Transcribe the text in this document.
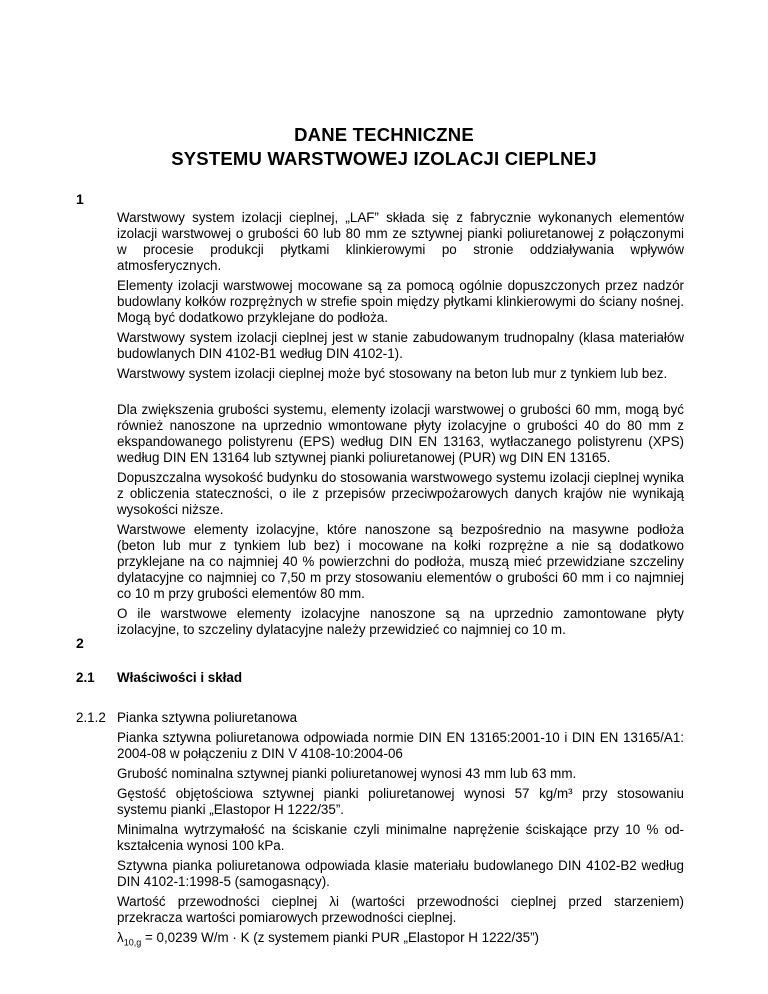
DANE TECHNICZNE
SYSTEMU WARSTWOWEJ IZOLACJI CIEPLNEJ
1

Warstwowy system izolacji cieplnej, „LAF” składa się z fabrycznie wykonanych elementów izolacji warstwowej o grubości 60 lub 80 mm ze sztywnej pianki poliuretanowej z połączonymi w procesie produkcji płytkami klinkierowymi po stronie oddziaływania wpływów atmosferycznych.

Elementy izolacji warstwowej mocowane są za pomocą ogólnie dopuszczonych przez nadzór budowlany kołków rozprężnych w strefie spoin między płytkami klinkierowymi do ściany nośnej. Mogą być dodatkowo przyklejane do podłoża.

Warstwowy system izolacji cieplnej jest w stanie zabudowanym trudnopalny (klasa materiałów budowlanych DIN 4102-B1 według DIN 4102-1).

Warstwowy system izolacji cieplnej może być stosowany na beton lub mur z tynkiem lub bez.

Dla zwiększenia grubości systemu, elementy izolacji warstwowej o grubości 60 mm, mogą być również nanoszone na uprzednio wmontowane płyty izolacyjne o grubości 40 do 80 mm z ekspandowanego polistyrenu (EPS) według DIN EN 13163, wytłaczanego polistyrenu (XPS) według DIN EN 13164 lub sztywnej pianki poliuretanowej (PUR) wg DIN EN 13165.

Dopuszczalna wysokość budynku do stosowania warstwowego systemu izolacji cieplnej wynika z obliczenia stateczności, o ile z przepisów przeciwpożarowych danych krajów nie wynikają wysokości niższe.

Warstwowe elementy izolacyjne, które nanoszone są bezpośrednio na masywne podłoża (beton lub mur z tynkiem lub bez) i mocowane na kołki rozprężne a nie są dodatkowo przyklejane na co najmniej 40 % powierzchni do podłoża, muszą mieć przewidziane szczeliny dylatacyjne co najmniej co 7,50 m przy stosowaniu elementów o grubości 60 mm i co najmniej co 10 m przy grubości elementów 80 mm.

O ile warstwowe elementy izolacyjne nanoszone są na uprzednio zamontowane płyty izolacyjne, to szczeliny dylatacyjne należy przewidzieć co najmniej co 10 m.

2
2.1 Właściwości i skład
2.1.2 Pianka sztywna poliuretanowa

Pianka sztywna poliuretanowa odpowiada normie DIN EN 13165:2001-10 i DIN EN 13165/A1: 2004-08 w połączeniu z DIN V 4108-10:2004-06

Grubość nominalna sztywnej pianki poliuretanowej wynosi 43 mm lub 63 mm.

Gęstość objętościowa sztywnej pianki poliuretanowej wynosi 57 kg/m³ przy stosowaniu systemu pianki „Elastopor H 1222/35”.

Minimalna wytrzymałość na ściskanie czyli minimalne naprężenie ściskające przy 10 % od-kształcenia wynosi 100 kPa.

Sztywna pianka poliuretanowa odpowiada klasie materiału budowlanego DIN 4102-B2 według DIN 4102-1:1998-5 (samogasnący).

Wartość przewodności cieplnej λi (wartości przewodności cieplnej przed starzeniem) przekracza wartości pomiarowych przewodności cieplnej.

$\lambda_{10,g} = 0,0239$ W/m · K (z systemem pianki PUR „Elastopor H 1222/35”)
